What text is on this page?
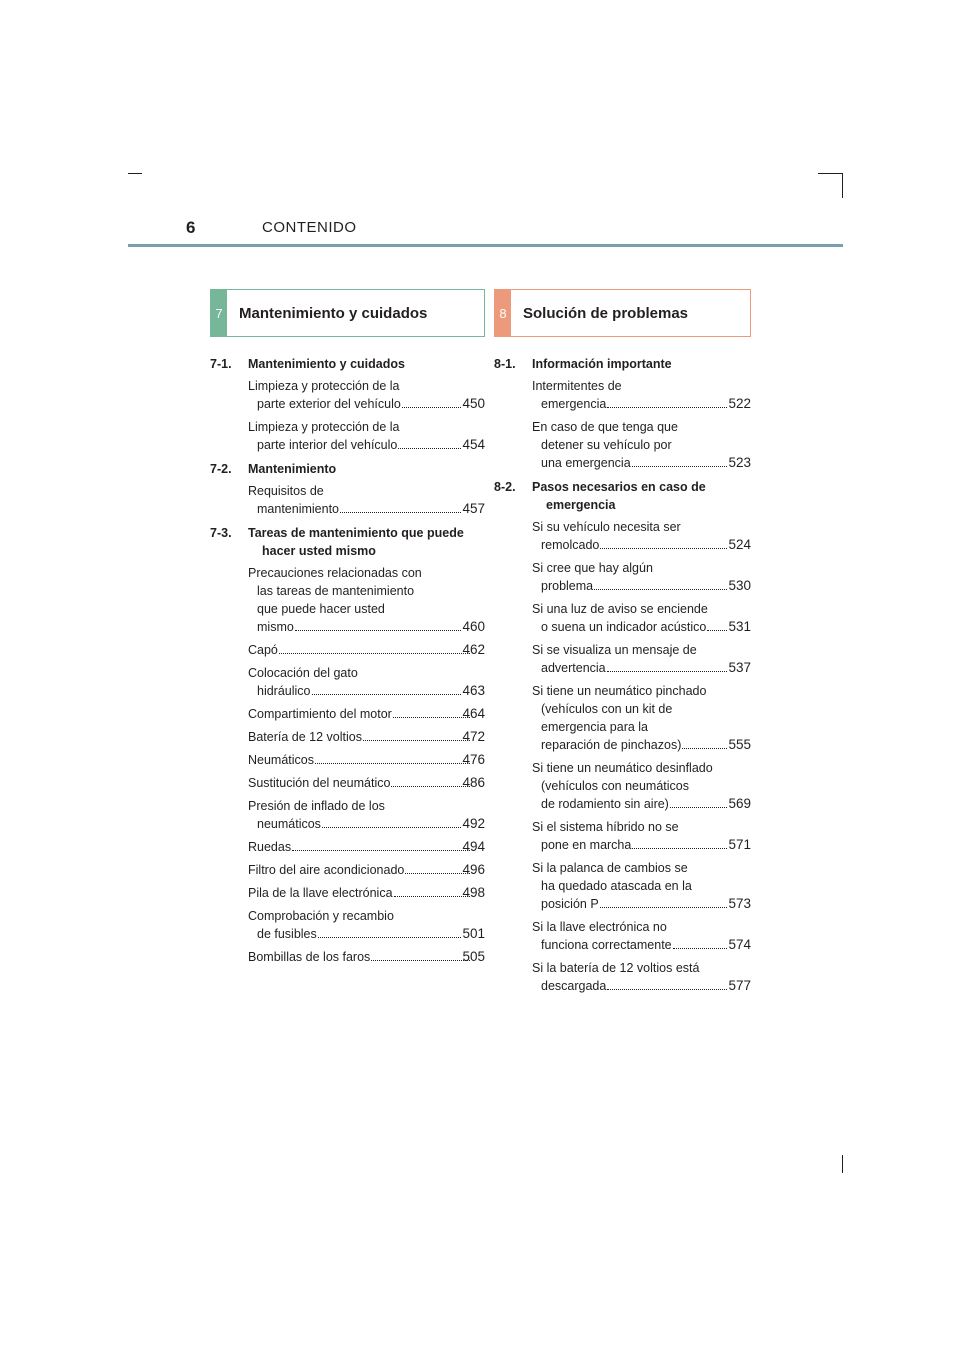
6	CONTENIDO
7	Mantenimiento y cuidados
7-1.	Mantenimiento y cuidados
Limpieza y protección de la
parte exterior del vehículo	450
Limpieza y protección de la
parte interior del vehículo	454
7-2.	Mantenimiento
Requisitos de
mantenimiento	457
7-3.	Tareas de mantenimiento que puede hacer usted mismo
Precauciones relacionadas con
las tareas de mantenimiento
que puede hacer usted
mismo	460
Capó	462
Colocación del gato
hidráulico	463
Compartimiento del motor	464
Batería de 12 voltios	472
Neumáticos	476
Sustitución del neumático	486
Presión de inflado de los
neumáticos	492
Ruedas	494
Filtro del aire acondicionado	496
Pila de la llave electrónica	498
Comprobación y recambio
de fusibles	501
Bombillas de los faros	505
8	Solución de problemas
8-1.	Información importante
Intermitentes de
emergencia	522
En caso de que tenga que
detener su vehículo por
una emergencia	523
8-2.	Pasos necesarios en caso de emergencia
Si su vehículo necesita ser
remolcado	524
Si cree que hay algún
problema	530
Si una luz de aviso se enciende
o suena un indicador acústico 531
Si se visualiza un mensaje de
advertencia	537
Si tiene un neumático pinchado
(vehículos con un kit de
emergencia para la
reparación de pinchazos)	555
Si tiene un neumático desinflado
(vehículos con neumáticos
de rodamiento sin aire)	569
Si el sistema híbrido no se
pone en marcha	571
Si la palanca de cambios se
ha quedado atascada en la
posición P	573
Si la llave electrónica no
funciona correctamente	574
Si la batería de 12 voltios está
descargada	577
